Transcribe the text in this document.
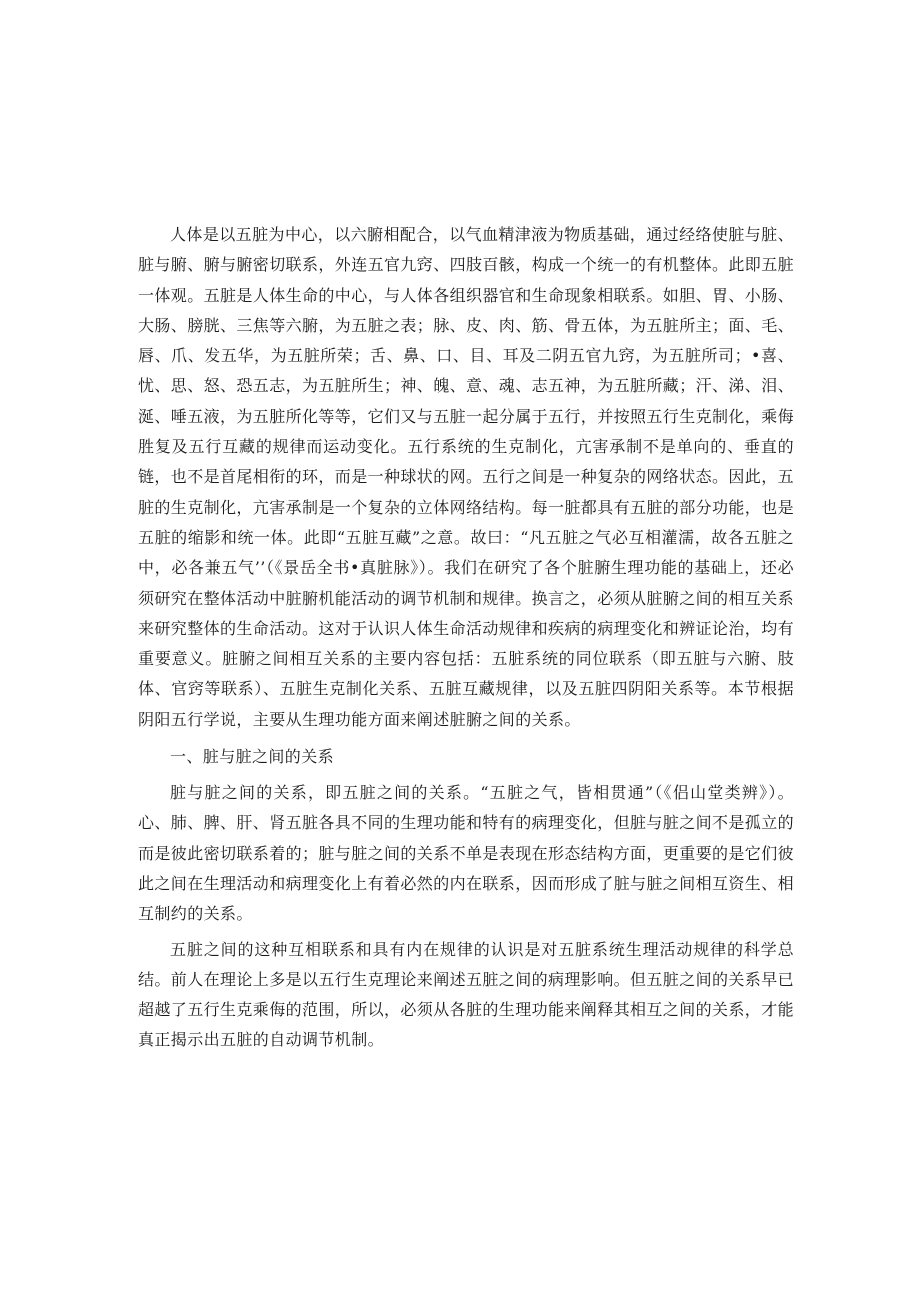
人体是以五脏为中心，以六腑相配合，以气血精津液为物质基础，通过经络使脏与脏、脏与腑、腑与腑密切联系，外连五官九窍、四肢百骸，构成一个统一的有机整体。此即五脏一体观。五脏是人体生命的中心，与人体各组织器官和生命现象相联系。如胆、胃、小肠、大肠、膀胱、三焦等六腑，为五脏之表；脉、皮、肉、筋、骨五体，为五脏所主；面、毛、唇、爪、发五华，为五脏所荣；舌、鼻、口、目、耳及二阴五官九窍，为五脏所司；•喜、忧、思、怒、恐五志，为五脏所生；神、魄、意、魂、志五神，为五脏所藏；汗、涕、泪、涎、唾五液，为五脏所化等等，它们又与五脏一起分属于五行，并按照五行生克制化，乘侮胜复及五行互藏的规律而运动变化。五行系统的生克制化，亢害承制不是单向的、垂直的链，也不是首尾相衔的环，而是一种球状的网。五行之间是一种复杂的网络状态。因此，五脏的生克制化，亢害承制是一个复杂的立体网络结构。每一脏都具有五脏的部分功能，也是五脏的缩影和统一体。此即“五脏互藏”之意。故曰：“凡五脏之气必互相灌濡，故各五脏之中，必各兼五气’’（《景岳全书•真脏脉》）。我们在研究了各个脏腑生理功能的基础上，还必须研究在整体活动中脏腑机能活动的调节机制和规律。换言之，必须从脏腑之间的相互关系来研究整体的生命活动。这对于认识人体生命活动规律和疾病的病理变化和辨证论治，均有重要意义。脏腑之间相互关系的主要内容包括：五脏系统的同位联系（即五脏与六腑、肢体、官窍等联系）、五脏生克制化关系、五脏互藏规律，以及五脏四阴阳关系等。本节根据阴阳五行学说，主要从生理功能方面来阐述脏腑之间的关系。

一、脏与脏之间的关系

脏与脏之间的关系，即五脏之间的关系。“五脏之气，皆相贯通”（《侣山堂类辨》）。心、肺、脾、肝、肾五脏各具不同的生理功能和特有的病理变化，但脏与脏之间不是孤立的而是彼此密切联系着的；脏与脏之间的关系不单是表现在形态结构方面，更重要的是它们彼此之间在生理活动和病理变化上有着必然的内在联系，因而形成了脏与脏之间相互资生、相互制约的关系。

五脏之间的这种互相联系和具有内在规律的认识是对五脏系统生理活动规律的科学总结。前人在理论上多是以五行生克理论来阐述五脏之间的病理影响。但五脏之间的关系早已超越了五行生克乘侮的范围，所以，必须从各脏的生理功能来阐释其相互之间的关系，才能真正揭示出五脏的自动调节机制。
